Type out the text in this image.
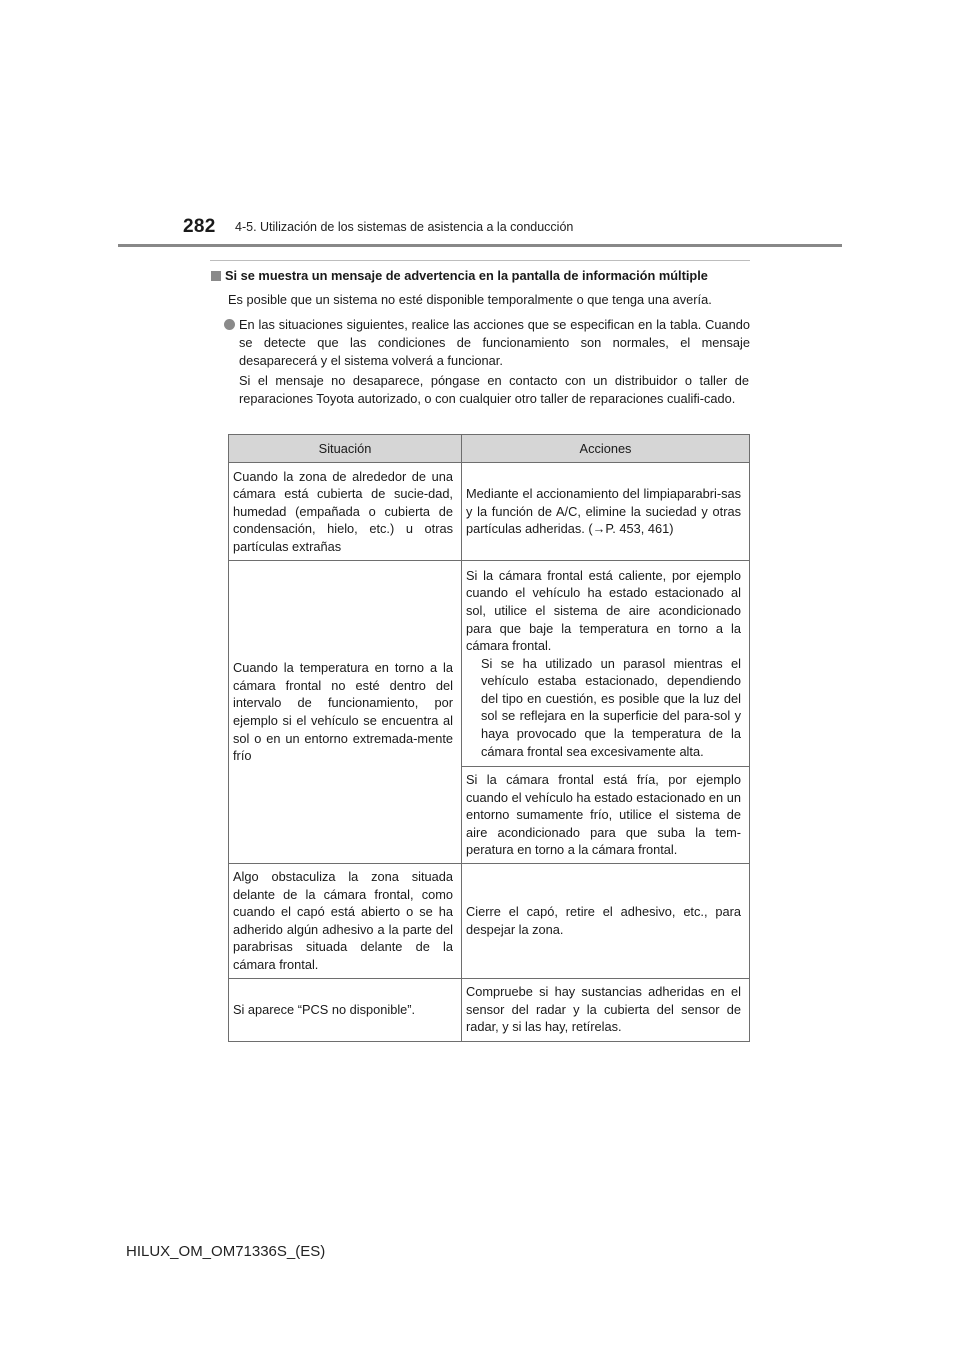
282 4-5. Utilización de los sistemas de asistencia a la conducción
Si se muestra un mensaje de advertencia en la pantalla de información múltiple
Es posible que un sistema no esté disponible temporalmente o que tenga una avería.

En las situaciones siguientes, realice las acciones que se especifican en la tabla. Cuando se detecte que las condiciones de funcionamiento son normales, el mensaje desaparecerá y el sistema volverá a funcionar.

Si el mensaje no desaparece, póngase en contacto con un distribuidor o taller de reparaciones Toyota autorizado, o con cualquier otro taller de reparaciones cualifi-cado.

Situación	Acciones
Cuando la zona de alrededor de una cámara está cubierta de sucie-dad, humedad (empañada o cubierta de condensación, hielo, etc.) u otras partículas extrañas	Mediante el accionamiento del limpiaparabri-sas y la función de A/C, elimine la suciedad y otras partículas adheridas. (→P. 453, 461)
Cuando la temperatura en torno a la cámara frontal no esté dentro del intervalo de funcionamiento, por ejemplo si el vehículo se encuentra al sol o en un entorno extremada-mente frío	Si la cámara frontal está caliente, por ejemplo cuando el vehículo ha estado estacionado al sol, utilice el sistema de aire acondicionado para que baje la temperatura en torno a la cámara frontal.
Si se ha utilizado un parasol mientras el vehículo estaba estacionado, dependiendo del tipo en cuestión, es posible que la luz del sol se reflejara en la superficie del para-sol y haya provocado que la temperatura de la cámara frontal sea excesivamente alta.

	Si la cámara frontal está fría, por ejemplo cuando el vehículo ha estado estacionado en un entorno sumamente frío, utilice el sistema de aire acondicionado para que suba la tem-peratura en torno a la cámara frontal.
Algo obstaculiza la zona situada delante de la cámara frontal, como cuando el capó está abierto o se ha adherido algún adhesivo a la parte del parabrisas situada delante de la cámara frontal.	Cierre el capó, retire el adhesivo, etc., para despejar la zona.
Si aparece “PCS no disponible”.	Compruebe si hay sustancias adheridas en el sensor del radar y la cubierta del sensor de radar, y si las hay, retírelas.
HILUX_OM_OM71336S_(ES)
